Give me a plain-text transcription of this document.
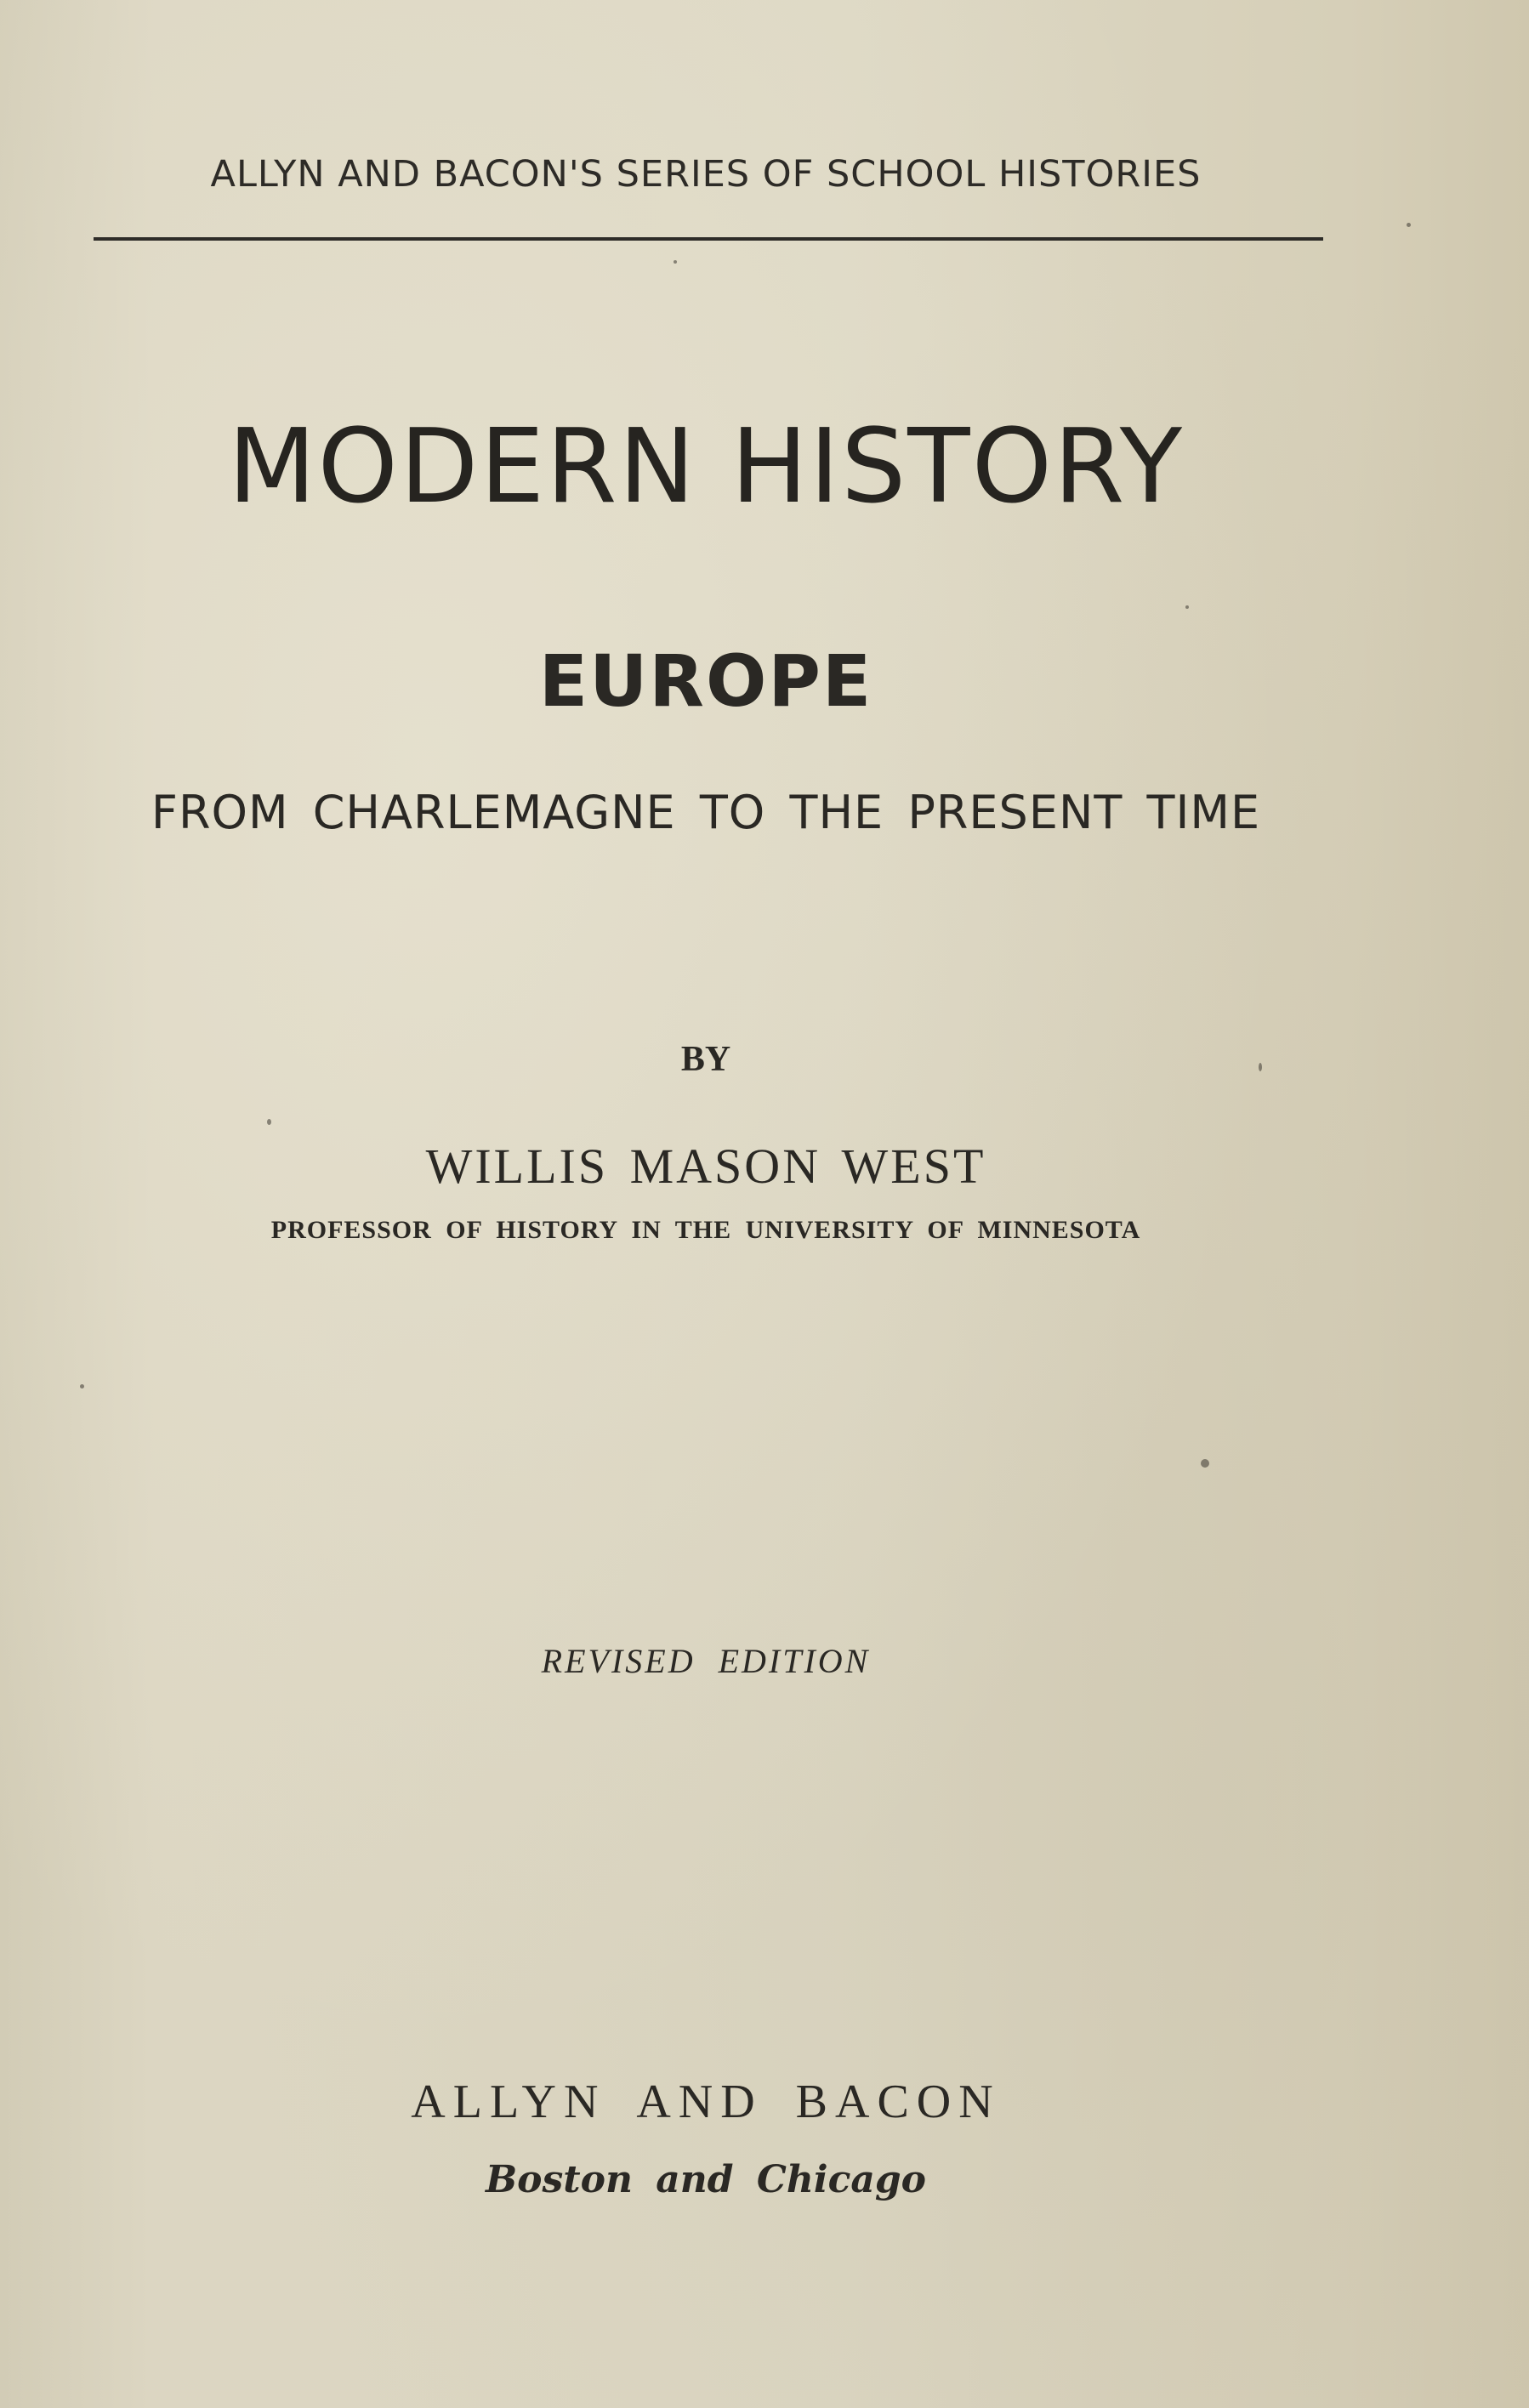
ALLYN AND BACON'S SERIES OF SCHOOL HISTORIES

MODERN HISTORY
EUROPE

FROM CHARLEMAGNE TO THE PRESENT TIME

BY

WILLIS MASON WEST

PROFESSOR OF HISTORY IN THE UNIVERSITY OF MINNESOTA

REVISED EDITION

ALLYN AND BACON

Boston and Chicago
